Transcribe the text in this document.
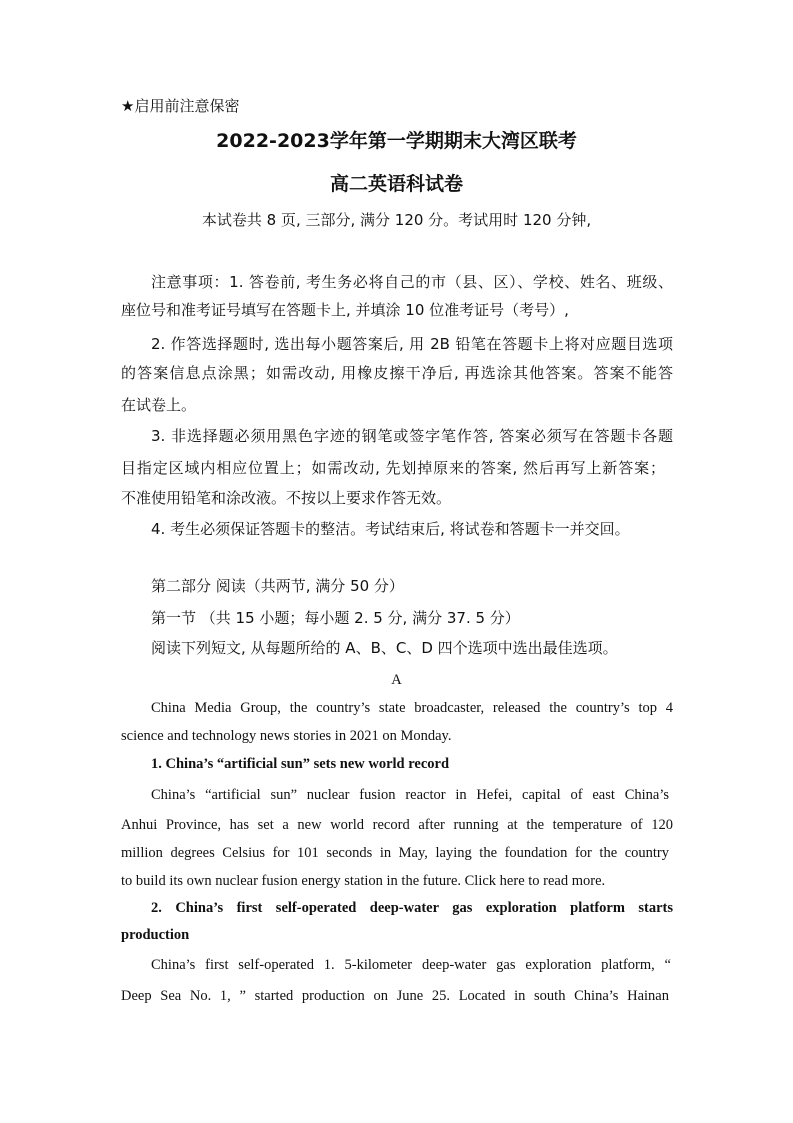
★启用前注意保密
2022-2023学年第一学期期末大湾区联考
高二英语科试卷
本试卷共 8 页, 三部分, 满分 120 分。考试用时 120 分钟,
注意事项：1. 答卷前, 考生务必将自己的市（县、区）、学校、姓名、班级、
座位号和准考证号填写在答题卡上, 并填涂 10 位准考证号（考号）,
2. 作答选择题时, 选出每小题答案后, 用 2B 铅笔在答题卡上将对应题目选项
的答案信息点涂黑；如需改动, 用橡皮擦干净后, 再选涂其他答案。答案不能答
在试卷上。
3. 非选择题必须用黑色字迹的钢笔或签字笔作答, 答案必须写在答题卡各题
目指定区域内相应位置上；如需改动, 先划掉原来的答案, 然后再写上新答案；
不准使用铅笔和涂改液。不按以上要求作答无效。
4. 考生必须保证答题卡的整洁。考试结束后, 将试卷和答题卡一并交回。
第二部分 阅读（共两节, 满分 50 分）
第一节 （共 15 小题；每小题 2. 5 分, 满分 37. 5 分）
阅读下列短文, 从每题所给的 A、B、C、D 四个选项中选出最佳选项。
A
China Media Group, the country’s state broadcaster, released the country’s top 4
science and technology news stories in 2021 on Monday.
1. China’s “artificial sun” sets new world record
China’s “artificial sun” nuclear fusion reactor in Hefei, capital of east China’s
Anhui Province, has set a new world record after running at the temperature of 120
million degrees Celsius for 101 seconds in May, laying the foundation for the country
to build its own nuclear fusion energy station in the future. Click here to read more.
2. China’s first self-operated deep-water gas exploration platform starts
production
China’s first self-operated 1. 5-kilometer deep-water gas exploration platform, “
Deep Sea No. 1, ” started production on June 25. Located in south China’s Hainan
